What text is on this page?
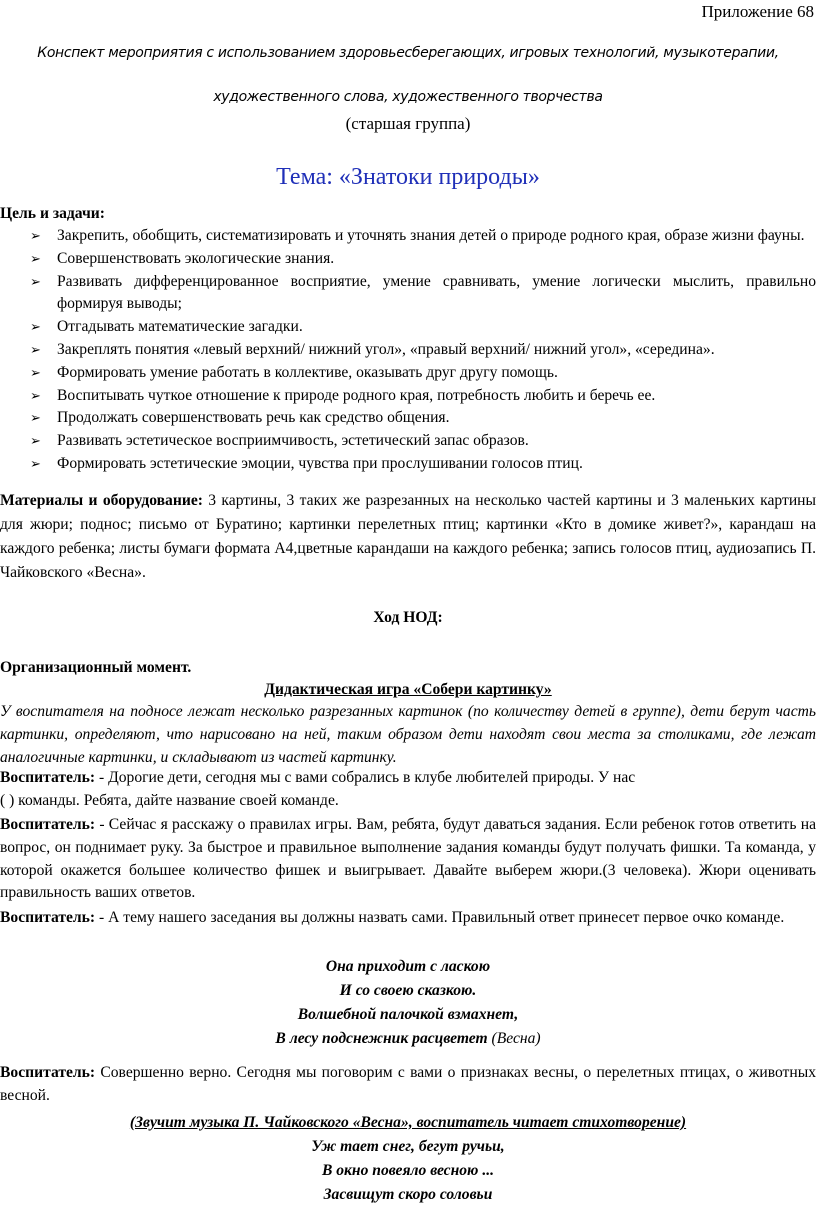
Приложение 68
Конспект мероприятия с использованием здоровьесберегающих, игровых технологий, музыкотерапии,
художественного слова, художественного творчества
(старшая группа)
Тема: «Знатоки природы»
Цель и задачи:
➢ Закрепить, обобщить, систематизировать и уточнять знания детей о природе родного края, образе жизни фауны.
➢ Совершенствовать экологические знания.
➢ Развивать дифференцированное восприятие, умение сравнивать, умение логически мыслить, правильно формируя выводы;
➢ Отгадывать математические загадки.
➢ Закреплять понятия «левый верхний/ нижний угол», «правый верхний/ нижний угол», «середина».
➢ Формировать умение работать в коллективе, оказывать друг другу помощь.
➢ Воспитывать чуткое отношение к природе родного края, потребность любить и беречь ее.
➢ Продолжать совершенствовать речь как средство общения.
➢ Развивать эстетическое восприимчивость, эстетический запас образов.
➢ Формировать эстетические эмоции, чувства при прослушивании голосов птиц.
Материалы и оборудование: 3 картины, 3 таких же разрезанных на несколько частей картины и 3 маленьких картины для жюри; поднос; письмо от Буратино; картинки перелетных птиц; картинки «Кто в домике живет?», карандаш на каждого ребенка; листы бумаги формата А4,цветные карандаши на каждого ребенка; запись голосов птиц, аудиозапись П. Чайковского «Весна».
Ход НОД:
Организационный момент.
Дидактическая игра «Собери картинку»
У воспитателя на подносе лежат несколько разрезанных картинок (по количеству детей в группе), дети берут часть картинки, определяют, что нарисовано на ней, таким образом дети находят свои места за столиками, где лежат аналогичные картинки, и складывают из частей картинку.
Воспитатель: - Дорогие дети, сегодня мы с вами собрались в клубе любителей природы. У нас
( ) команды. Ребята, дайте название своей команде.
Воспитатель: - Сейчас я расскажу о правилах игры. Вам, ребята, будут даваться задания. Если ребенок готов ответить на вопрос, он поднимает руку. За быстрое и правильное выполнение задания команды будут получать фишки. Та команда, у которой окажется большее количество фишек и выигрывает. Давайте выберем жюри.(3 человека). Жюри оценивать правильность ваших ответов.
Воспитатель: - А тему нашего заседания вы должны назвать сами. Правильный ответ принесет первое очко команде.
Она приходит с ласкою
И со своею сказкою.
Волшебной палочкой взмахнет,
В лесу подснежник расцветет (Весна)
Воспитатель: Совершенно верно. Сегодня мы поговорим с вами о признаках весны, о перелетных птицах, о животных весной.
(Звучит музыка П. Чайковского «Весна», воспитатель читает стихотворение)
Уж тает снег, бегут ручьи,
В окно повеяло весною ...
Засвищут скоро соловьи
